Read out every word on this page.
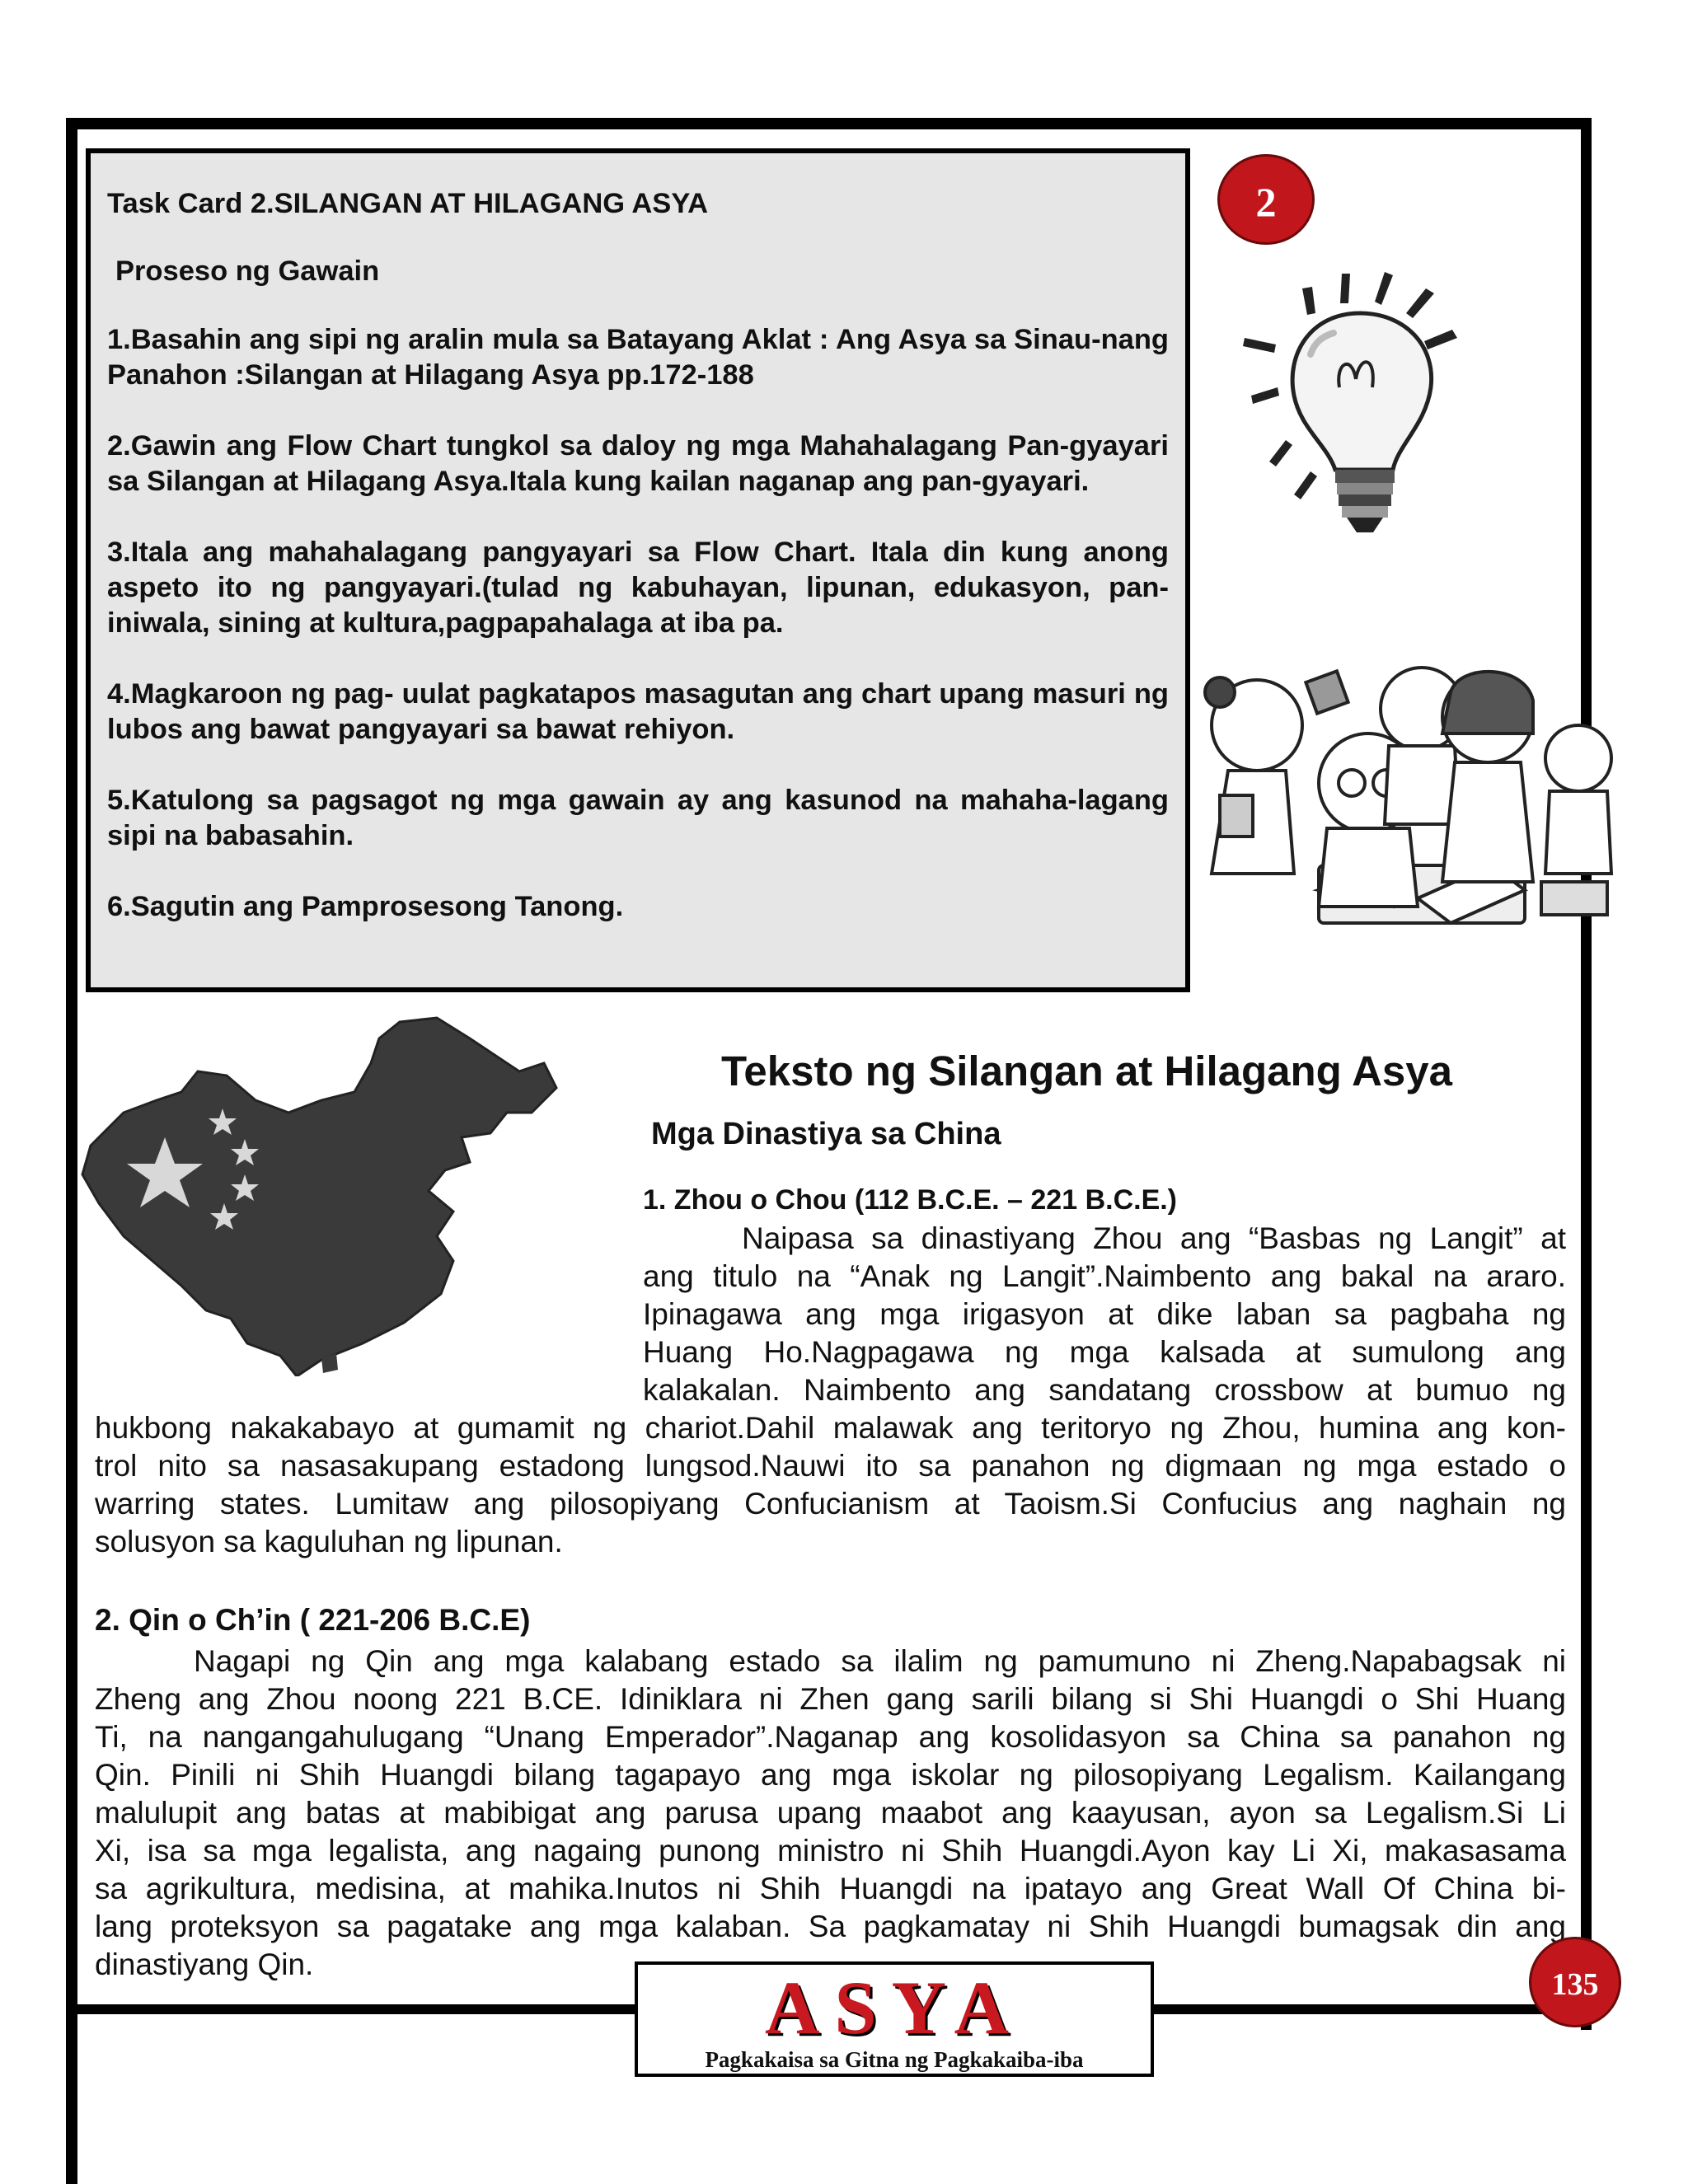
Task Card 2.SILANGAN AT HILAGANG ASYA

Proseso ng Gawain

1.Basahin ang sipi ng aralin mula sa Batayang Aklat : Ang Asya sa Sinau-nang Panahon :Silangan at Hilagang Asya pp.172-188

2.Gawin ang Flow Chart tungkol sa daloy ng mga Mahahalagang Pan-gyayari sa Silangan at Hilagang Asya.Itala kung kailan naganap ang pan-gyayari.

3.Itala ang mahahalagang pangyayari sa Flow Chart. Itala din kung anong aspeto ito ng pangyayari.(tulad ng kabuhayan, lipunan, edukasyon, pan-iniwala, sining at kultura,pagpapahalaga at iba pa.

4.Magkaroon ng pag- uulat pagkatapos masagutan ang chart upang masuri ng lubos ang bawat pangyayari sa bawat rehiyon.

5.Katulong sa pagsagot ng mga gawain ay ang kasunod na mahaha-lagang sipi na babasahin.

6.Sagutin ang Pamprosesong Tanong.

2
Teksto ng Silangan at Hilagang Asya
Mga Dinastiya sa China
1. Zhou o Chou (112 B.C.E. – 221 B.C.E.)
Naipasa sa dinastiyang Zhou ang “Basbas ng Langit” at
ang titulo na “Anak ng Langit”.Naimbento ang bakal na araro.
Ipinagawa ang mga irigasyon at dike laban sa pagbaha ng
Huang Ho.Nagpagawa ng mga kalsada at sumulong ang
kalakalan. Naimbento ang sandatang crossbow at bumuo ng
hukbong nakakabayo at gumamit ng chariot.Dahil malawak ang teritoryo ng Zhou, humina ang kon-
trol nito sa nasasakupang estadong lungsod.Nauwi ito sa panahon ng digmaan ng mga estado o
warring states. Lumitaw ang pilosopiyang Confucianism at Taoism.Si Confucius ang naghain ng
solusyon sa kaguluhan ng lipunan.
2. Qin o Ch’in ( 221-206 B.C.E)
Nagapi ng Qin ang mga kalabang estado sa ilalim ng pamumuno ni Zheng.Napabagsak ni
Zheng ang Zhou noong 221 B.CE. Idiniklara ni Zhen gang sarili bilang si Shi Huangdi o Shi Huang
Ti, na nangangahulugang “Unang Emperador”.Naganap ang kosolidasyon sa China sa panahon ng
Qin. Pinili ni Shih Huangdi bilang tagapayo ang mga iskolar ng pilosopiyang Legalism. Kailangang
malulupit ang batas at mabibigat ang parusa upang maabot ang kaayusan, ayon sa Legalism.Si Li
Xi, isa sa mga legalista, ang nagaing punong ministro ni Shih Huangdi.Ayon kay Li Xi, makasasama
sa agrikultura, medisina, at mahika.Inutos ni Shih Huangdi na ipatayo ang Great Wall Of China bi-
lang proteksyon sa pagatake ang mga kalaban. Sa pagkamatay ni Shih Huangdi bumagsak din ang
dinastiyang Qin.
ASYA
Pagkakaisa sa Gitna ng Pagkakaiba-iba
135
